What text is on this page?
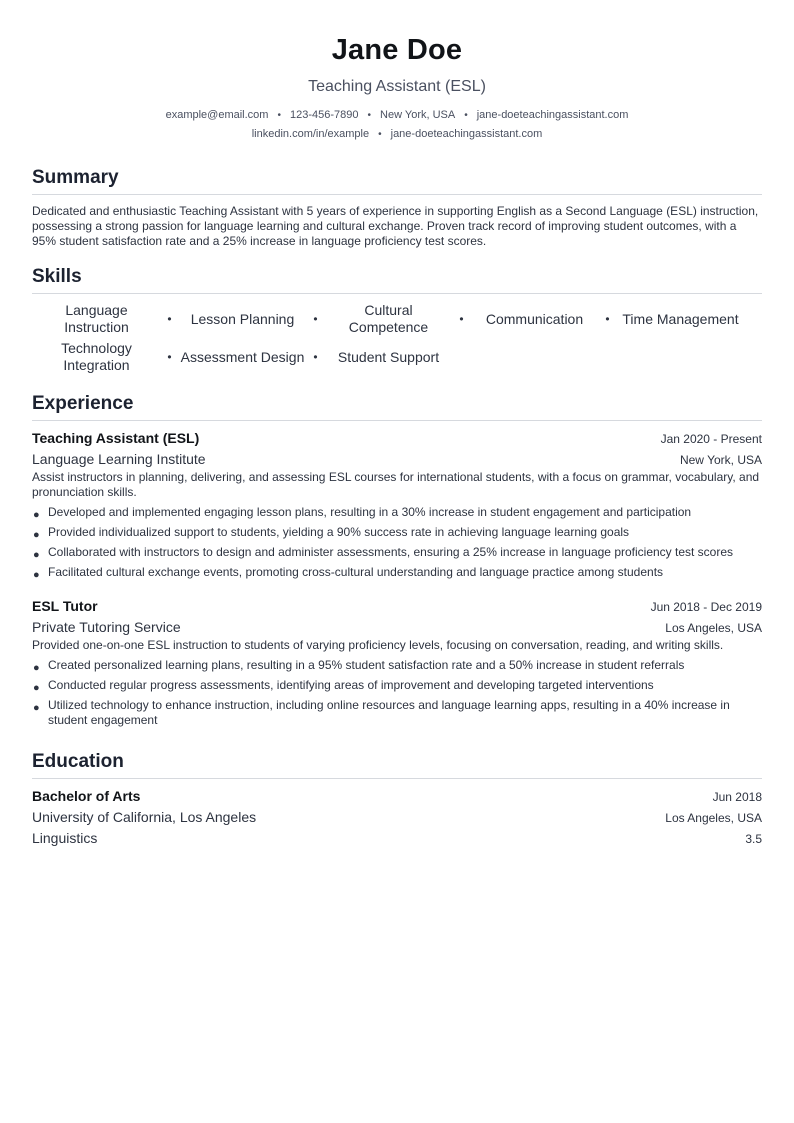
Jane Doe
Teaching Assistant (ESL)
example@email.com • 123-456-7890 • New York, USA • jane-doeteachingassistant.com
linkedin.com/in/example • jane-doeteachingassistant.com
Summary
Dedicated and enthusiastic Teaching Assistant with 5 years of experience in supporting English as a Second Language (ESL) instruction, possessing a strong passion for language learning and cultural exchange. Proven track record of improving student outcomes, with a 95% student satisfaction rate and a 25% increase in language proficiency test scores.
Skills
Language Instruction	•	Lesson Planning	•
Cultural Competence	•	Communication	• Time Management
Technology Integration	• Assessment Design •	Student Support
Experience
Teaching Assistant (ESL)	Jan 2020 - Present
Language Learning Institute	New York, USA
Assist instructors in planning, delivering, and assessing ESL courses for international students, with a focus on grammar, vocabulary, and pronunciation skills.
● Developed and implemented engaging lesson plans, resulting in a 30% increase in student engagement and participation
● Provided individualized support to students, yielding a 90% success rate in achieving language learning goals
● Collaborated with instructors to design and administer assessments, ensuring a 25% increase in language proficiency test scores
● Facilitated cultural exchange events, promoting cross-cultural understanding and language practice among students
ESL Tutor	Jun 2018 - Dec 2019
Private Tutoring Service	Los Angeles, USA
Provided one-on-one ESL instruction to students of varying proficiency levels, focusing on conversation, reading, and writing skills.
● Created personalized learning plans, resulting in a 95% student satisfaction rate and a 50% increase in student referrals
● Conducted regular progress assessments, identifying areas of improvement and developing targeted interventions
● Utilized technology to enhance instruction, including online resources and language learning apps, resulting in a 40% increase in student engagement
Education
Bachelor of Arts	Jun 2018
University of California, Los Angeles	Los Angeles, USA
Linguistics	3.5
